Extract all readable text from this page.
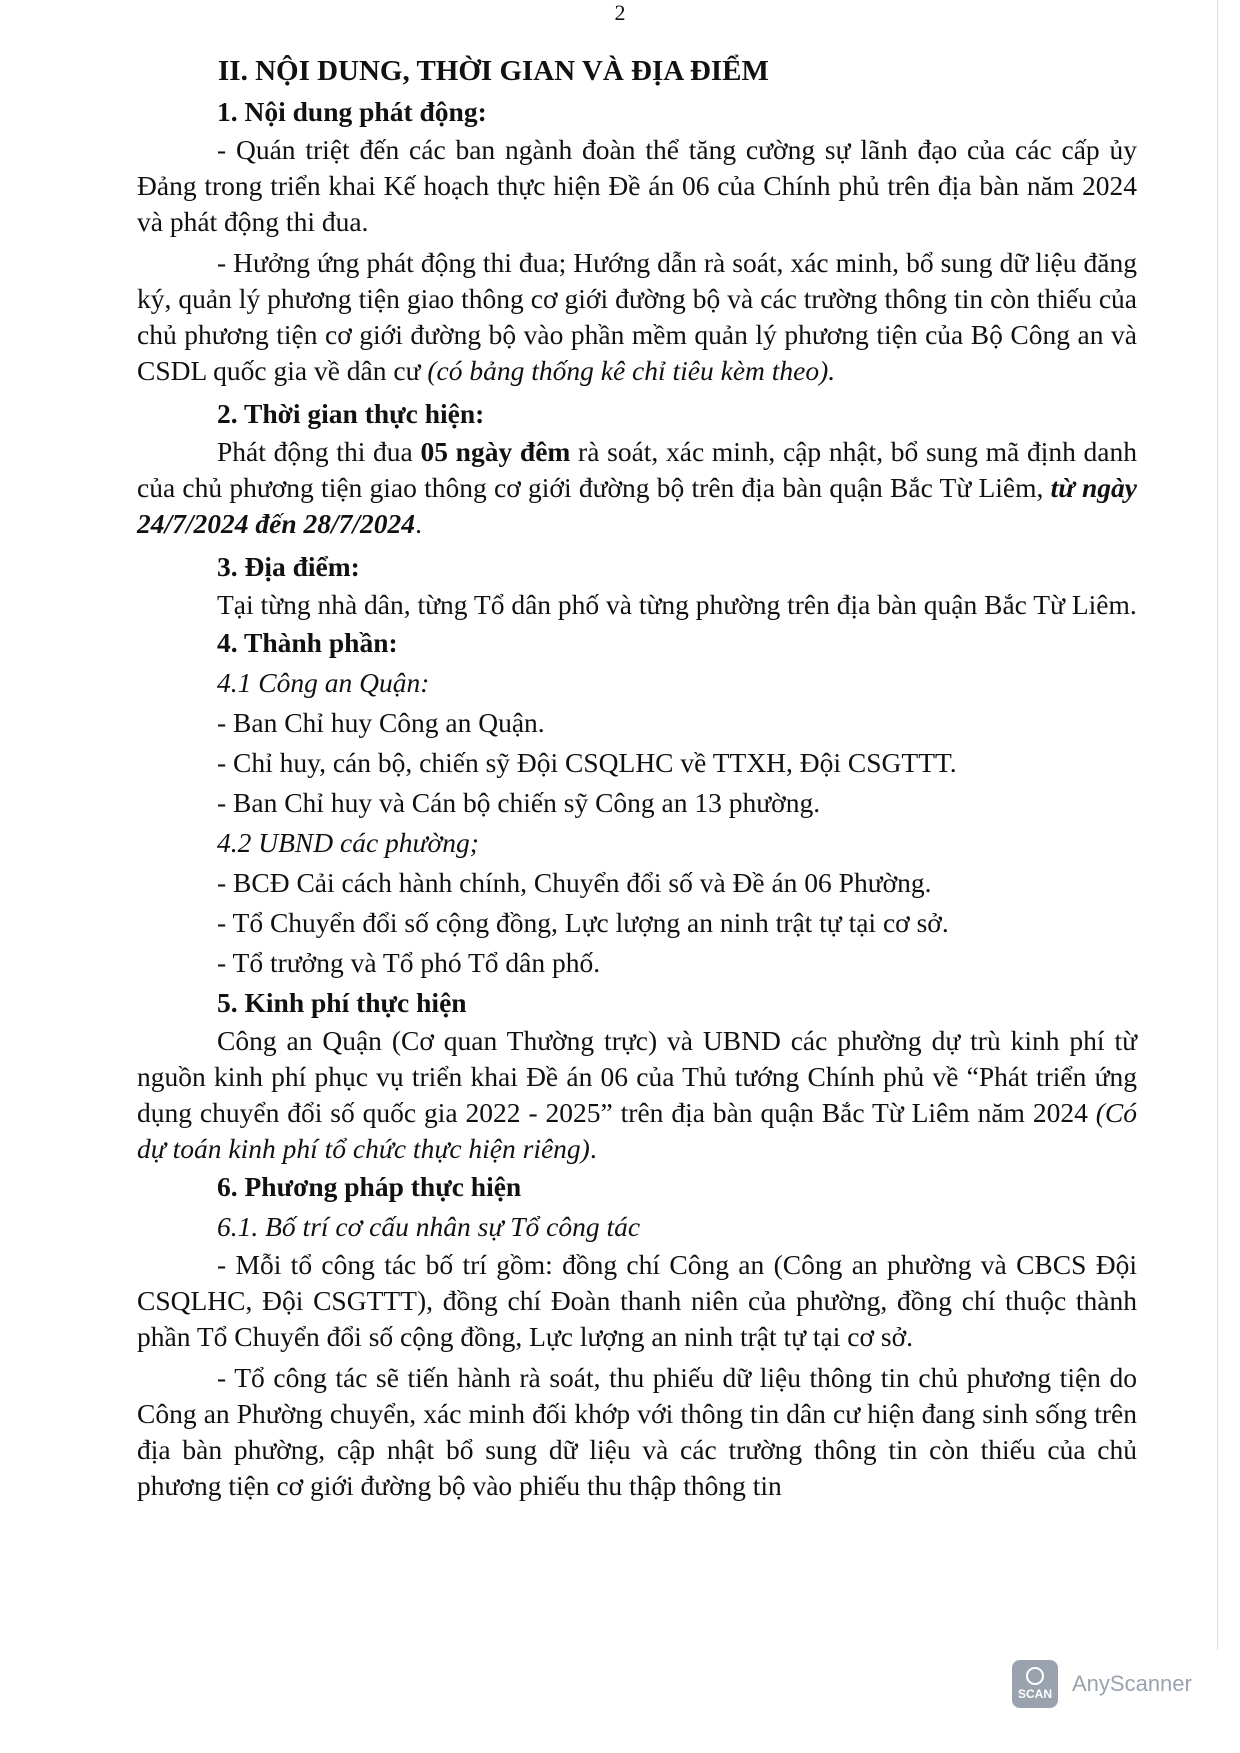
2

II. NỘI DUNG, THỜI GIAN VÀ ĐỊA ĐIỂM

1. Nội dung phát động:

- Quán triệt đến các ban ngành đoàn thể tăng cường sự lãnh đạo của các cấp ủy Đảng trong triển khai Kế hoạch thực hiện Đề án 06 của Chính phủ trên địa bàn năm 2024 và phát động thi đua.

- Hưởng ứng phát động thi đua; Hướng dẫn rà soát, xác minh, bổ sung dữ liệu đăng ký, quản lý phương tiện giao thông cơ giới đường bộ và các trường thông tin còn thiếu của chủ phương tiện cơ giới đường bộ vào phần mềm quản lý phương tiện của Bộ Công an và CSDL quốc gia về dân cư (có bảng thống kê chỉ tiêu kèm theo).

2. Thời gian thực hiện:

Phát động thi đua 05 ngày đêm rà soát, xác minh, cập nhật, bổ sung mã định danh của chủ phương tiện giao thông cơ giới đường bộ trên địa bàn quận Bắc Từ Liêm, từ ngày 24/7/2024 đến 28/7/2024.

3. Địa điểm:

Tại từng nhà dân, từng Tổ dân phố và từng phường trên địa bàn quận Bắc Từ Liêm.

4. Thành phần:

4.1 Công an Quận:

- Ban Chỉ huy Công an Quận.

- Chỉ huy, cán bộ, chiến sỹ Đội CSQLHC về TTXH, Đội CSGTTT.

- Ban Chỉ huy và Cán bộ chiến sỹ Công an 13 phường.

4.2 UBND các phường;

- BCĐ Cải cách hành chính, Chuyển đổi số và Đề án 06 Phường.

- Tổ Chuyển đổi số cộng đồng, Lực lượng an ninh trật tự tại cơ sở.

- Tổ trưởng và Tổ phó Tổ dân phố.

5. Kinh phí thực hiện

Công an Quận (Cơ quan Thường trực) và UBND các phường dự trù kinh phí từ nguồn kinh phí phục vụ triển khai Đề án 06 của Thủ tướng Chính phủ về “Phát triển ứng dụng chuyển đổi số quốc gia 2022 - 2025” trên địa bàn quận Bắc Từ Liêm năm 2024 (Có dự toán kinh phí tổ chức thực hiện riêng).

6. Phương pháp thực hiện

6.1. Bố trí cơ cấu nhân sự Tổ công tác

- Mỗi tổ công tác bố trí gồm: đồng chí Công an (Công an phường và CBCS Đội CSQLHC, Đội CSGTTT), đồng chí Đoàn thanh niên của phường, đồng chí thuộc thành phần Tổ Chuyển đổi số cộng đồng, Lực lượng an ninh trật tự tại cơ sở.

- Tổ công tác sẽ tiến hành rà soát, thu phiếu dữ liệu thông tin chủ phương tiện do Công an Phường chuyển, xác minh đối khớp với thông tin dân cư hiện đang sinh sống trên địa bàn phường, cập nhật bổ sung dữ liệu và các trường thông tin còn thiếu của chủ phương tiện cơ giới đường bộ vào phiếu thu thập thông tin

SCAN AnyScanner
